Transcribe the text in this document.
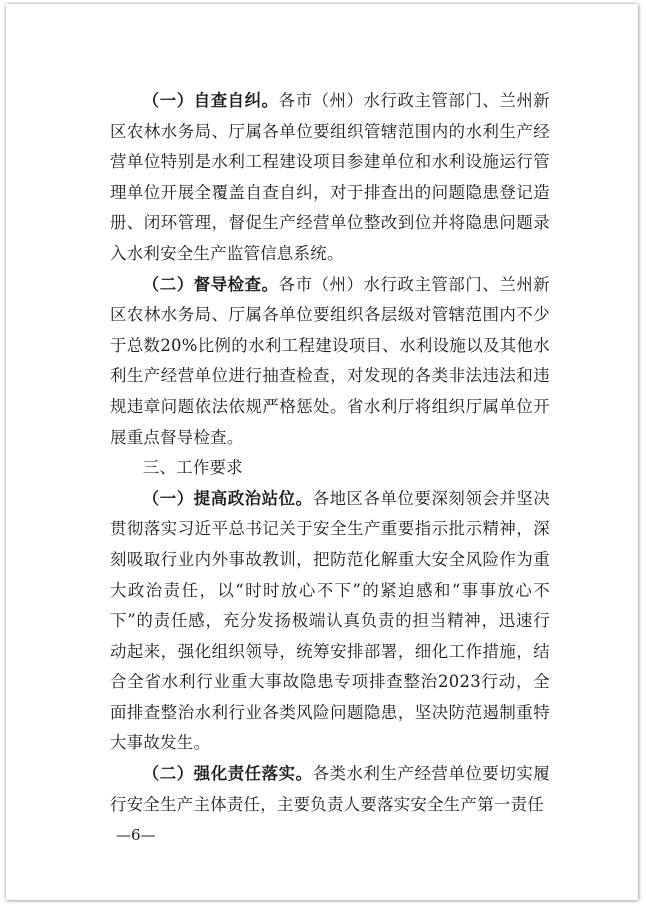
（一）自查自纠。各市（州）水行政主管部门、兰州新区农林水务局、厅属各单位要组织管辖范围内的水利生产经营单位特别是水利工程建设项目参建单位和水利设施运行管理单位开展全覆盖自查自纠，对于排查出的问题隐患登记造册、闭环管理，督促生产经营单位整改到位并将隐患问题录入水利安全生产监管信息系统。

（二）督导检查。各市（州）水行政主管部门、兰州新区农林水务局、厅属各单位要组织各层级对管辖范围内不少于总数20%比例的水利工程建设项目、水利设施以及其他水利生产经营单位进行抽查检查，对发现的各类非法违法和违规违章问题依法依规严格惩处。省水利厅将组织厅属单位开展重点督导检查。

三、工作要求

（一）提高政治站位。各地区各单位要深刻领会并坚决贯彻落实习近平总书记关于安全生产重要指示批示精神，深刻吸取行业内外事故教训，把防范化解重大安全风险作为重大政治责任，以“时时放心不下”的紧迫感和“事事放心不下”的责任感，充分发扬极端认真负责的担当精神，迅速行动起来，强化组织领导，统筹安排部署，细化工作措施，结合全省水利行业重大事故隐患专项排查整治2023行动，全面排查整治水利行业各类风险问题隐患，坚决防范遏制重特大事故发生。

（二）强化责任落实。各类水利生产经营单位要切实履行安全生产主体责任，主要负责人要落实安全生产第一责任

—6—
